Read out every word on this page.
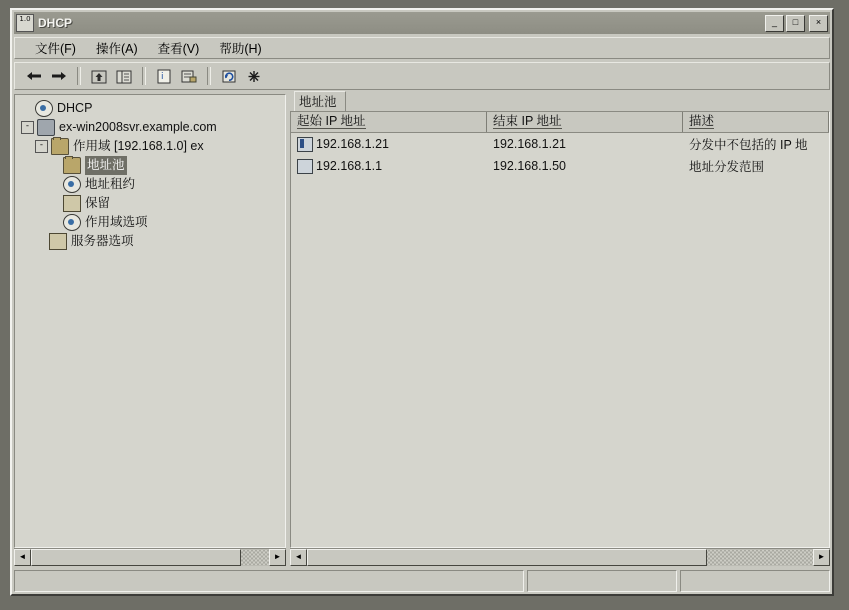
1.0 DHCP	_	□	×
文件(F)	操作(A)	查看(V)	帮助(H)
i
DHCP
-	ex-win2008svr.example.com
-	作用域 [192.168.1.0] ex
地址池
地址租约
保留
作用域选项
服务器选项
◄	►
地址池
起始 IP 地址	结束 IP 地址	描述
192.168.1.21	192.168.1.21	分发中不包括的 IP 地
192.168.1.1	192.168.1.50	地址分发范围
◄	►
